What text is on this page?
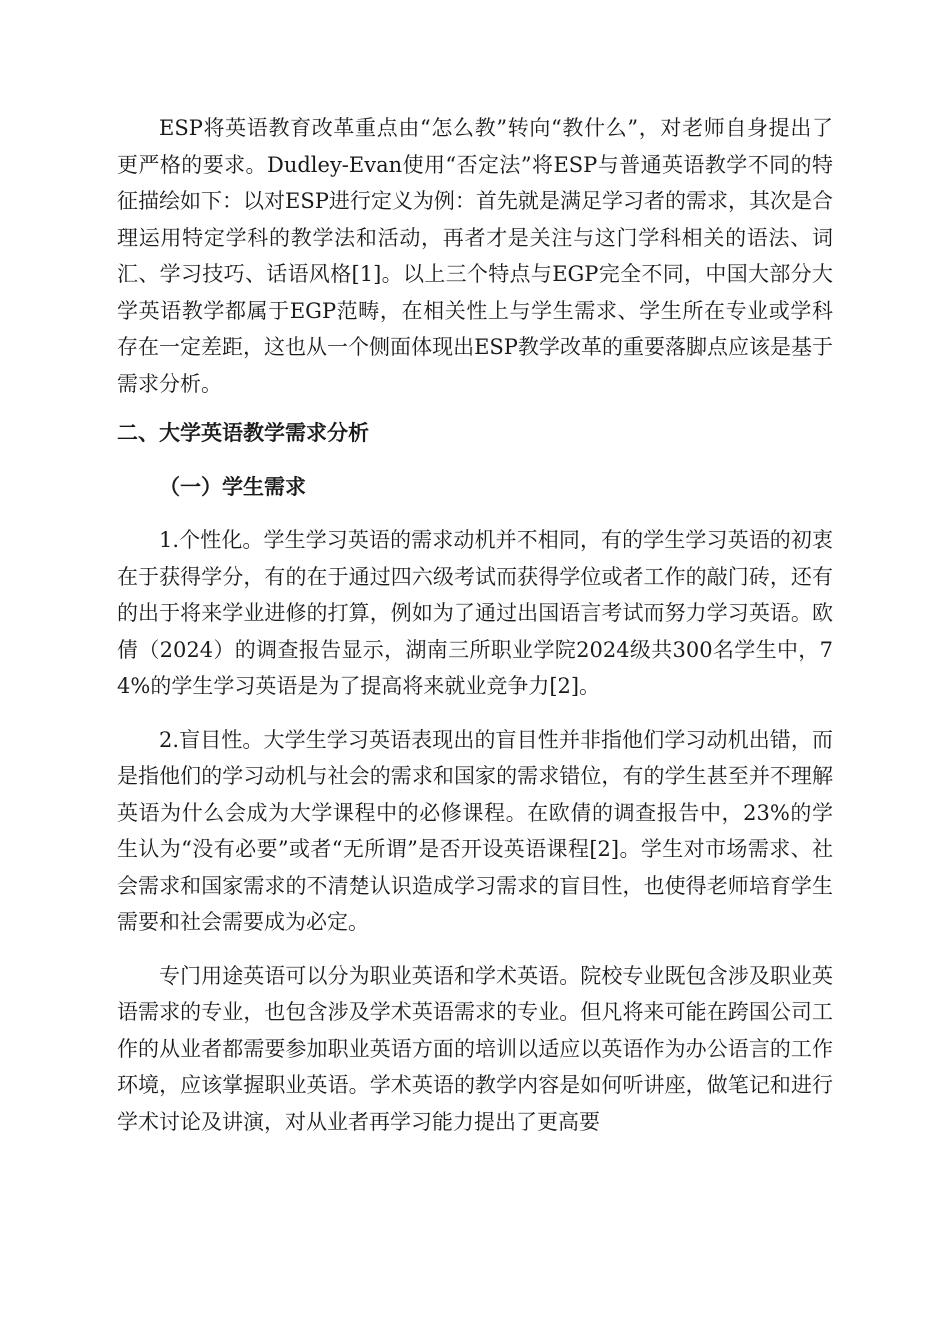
ESP将英语教育改革重点由“怎么教”转向“教什么”，对老师自身提出了更严格的要求。Dudley-Evan使用“否定法”将ESP与普通英语教学不同的特征描绘如下：以对ESP进行定义为例：首先就是满足学习者的需求，其次是合理运用特定学科的教学法和活动，再者才是关注与这门学科相关的语法、词汇、学习技巧、话语风格[1]。以上三个特点与EGP完全不同，中国大部分大学英语教学都属于EGP范畴，在相关性上与学生需求、学生所在专业或学科存在一定差距，这也从一个侧面体现出ESP教学改革的重要落脚点应该是基于需求分析。

二、大学英语教学需求分析
（一）学生需求

1.个性化。学生学习英语的需求动机并不相同，有的学生学习英语的初衷在于获得学分，有的在于通过四六级考试而获得学位或者工作的敲门砖，还有的出于将来学业进修的打算，例如为了通过出国语言考试而努力学习英语。欧倩（2024）的调查报告显示，湖南三所职业学院2024级共300名学生中，74%的学生学习英语是为了提高将来就业竞争力[2]。

2.盲目性。大学生学习英语表现出的盲目性并非指他们学习动机出错，而是指他们的学习动机与社会的需求和国家的需求错位，有的学生甚至并不理解英语为什么会成为大学课程中的必修课程。在欧倩的调查报告中，23%的学生认为“没有必要”或者“无所谓”是否开设英语课程[2]。学生对市场需求、社会需求和国家需求的不清楚认识造成学习需求的盲目性，也使得老师培育学生需要和社会需要成为必定。

专门用途英语可以分为职业英语和学术英语。院校专业既包含涉及职业英语需求的专业，也包含涉及学术英语需求的专业。但凡将来可能在跨国公司工作的从业者都需要参加职业英语方面的培训以适应以英语作为办公语言的工作环境，应该掌握职业英语。学术英语的教学内容是如何听讲座，做笔记和进行学术讨论及讲演，对从业者再学习能力提出了更高要
